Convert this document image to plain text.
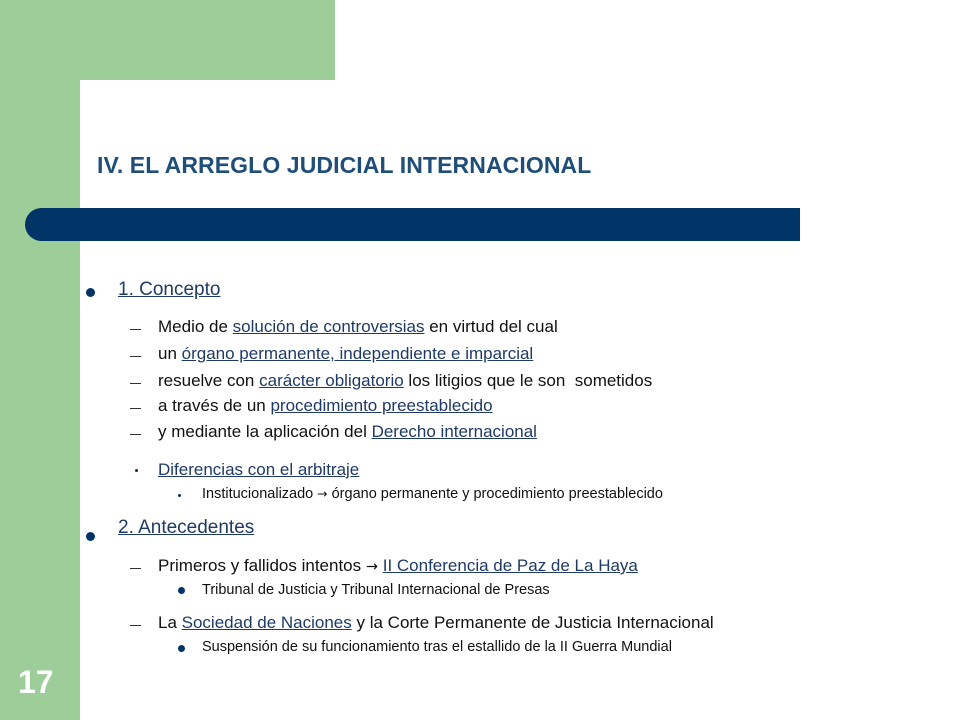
IV. EL ARREGLO JUDICIAL INTERNACIONAL
1. Concepto
Medio de solución de controversias en virtud del cual
un órgano permanente, independiente e imparcial
resuelve con carácter obligatorio los litigios que le son  sometidos
a través de un procedimiento preestablecido
y mediante la aplicación del Derecho internacional
Diferencias con el arbitraje
Institucionalizado → órgano permanente y procedimiento preestablecido
2. Antecedentes
Primeros y fallidos intentos → II Conferencia de Paz de La Haya
Tribunal de Justicia y Tribunal Internacional de Presas
La Sociedad de Naciones y la Corte Permanente de Justicia Internacional
Suspensión de su funcionamiento tras el estallido de la II Guerra Mundial
17
